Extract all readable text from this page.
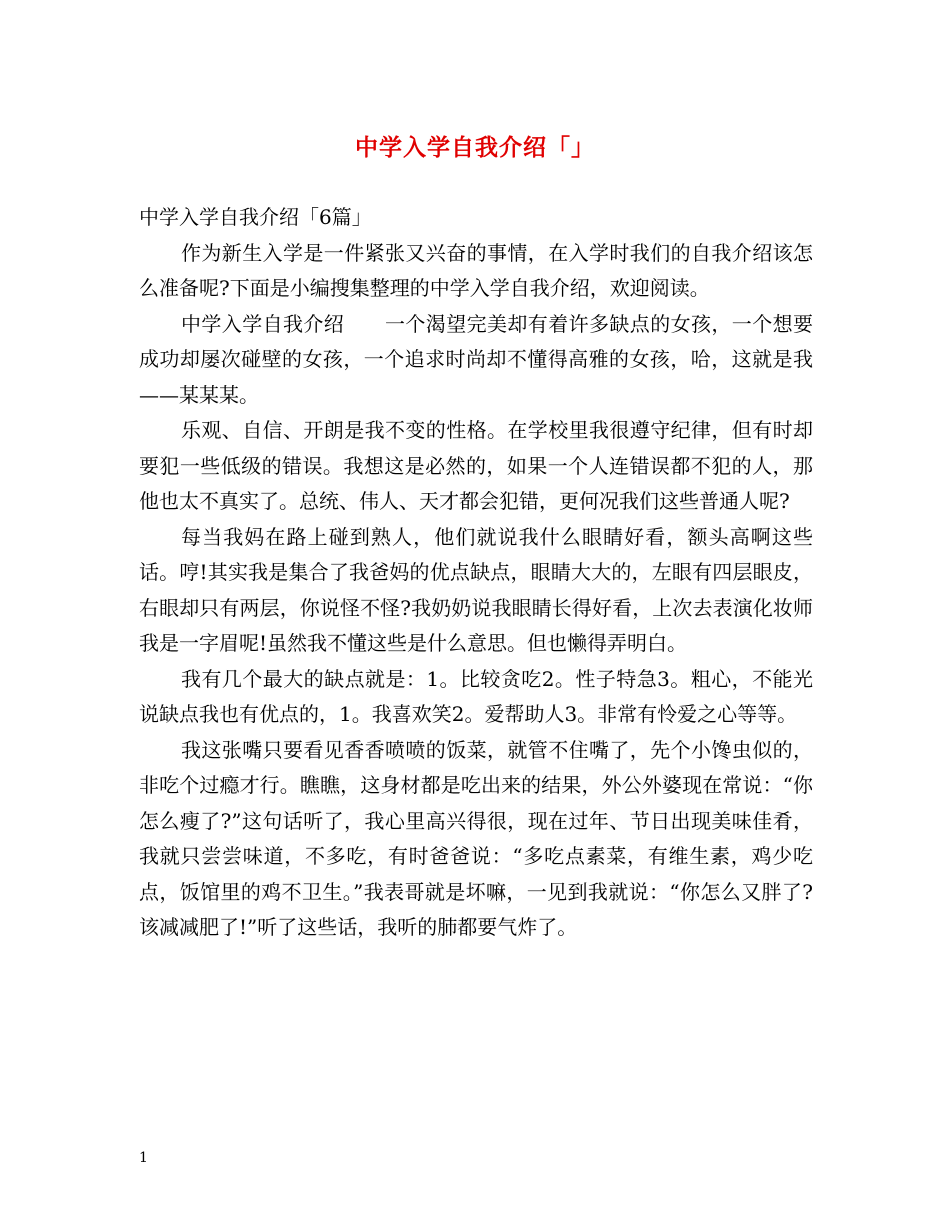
中学入学自我介绍「」

中学入学自我介绍「6篇」

作为新生入学是一件紧张又兴奋的事情，在入学时我们的自我介绍该怎么准备呢?下面是小编搜集整理的中学入学自我介绍，欢迎阅读。

中学入学自我介绍　　一个渴望完美却有着许多缺点的女孩，一个想要成功却屡次碰壁的女孩，一个追求时尚却不懂得高雅的女孩，哈，这就是我——某某某。

乐观、自信、开朗是我不变的性格。在学校里我很遵守纪律，但有时却要犯一些低级的错误。我想这是必然的，如果一个人连错误都不犯的人，那他也太不真实了。总统、伟人、天才都会犯错，更何况我们这些普通人呢?

每当我妈在路上碰到熟人，他们就说我什么眼睛好看，额头高啊这些话。哼!其实我是集合了我爸妈的优点缺点，眼睛大大的，左眼有四层眼皮，右眼却只有两层，你说怪不怪?我奶奶说我眼睛长得好看，上次去表演化妆师我是一字眉呢!虽然我不懂这些是什么意思。但也懒得弄明白。

我有几个最大的缺点就是：1。比较贪吃2。性子特急3。粗心，不能光说缺点我也有优点的，1。我喜欢笑2。爱帮助人3。非常有怜爱之心等等。

我这张嘴只要看见香香喷喷的饭菜，就管不住嘴了，先个小馋虫似的，非吃个过瘾才行。瞧瞧，这身材都是吃出来的结果，外公外婆现在常说：“你怎么瘦了?”这句话听了，我心里高兴得很，现在过年、节日出现美味佳肴，我就只尝尝味道，不多吃，有时爸爸说：“多吃点素菜，有维生素，鸡少吃点，饭馆里的鸡不卫生。”我表哥就是坏嘛，一见到我就说：“你怎么又胖了?该减减肥了!”听了这些话，我听的肺都要气炸了。

1
